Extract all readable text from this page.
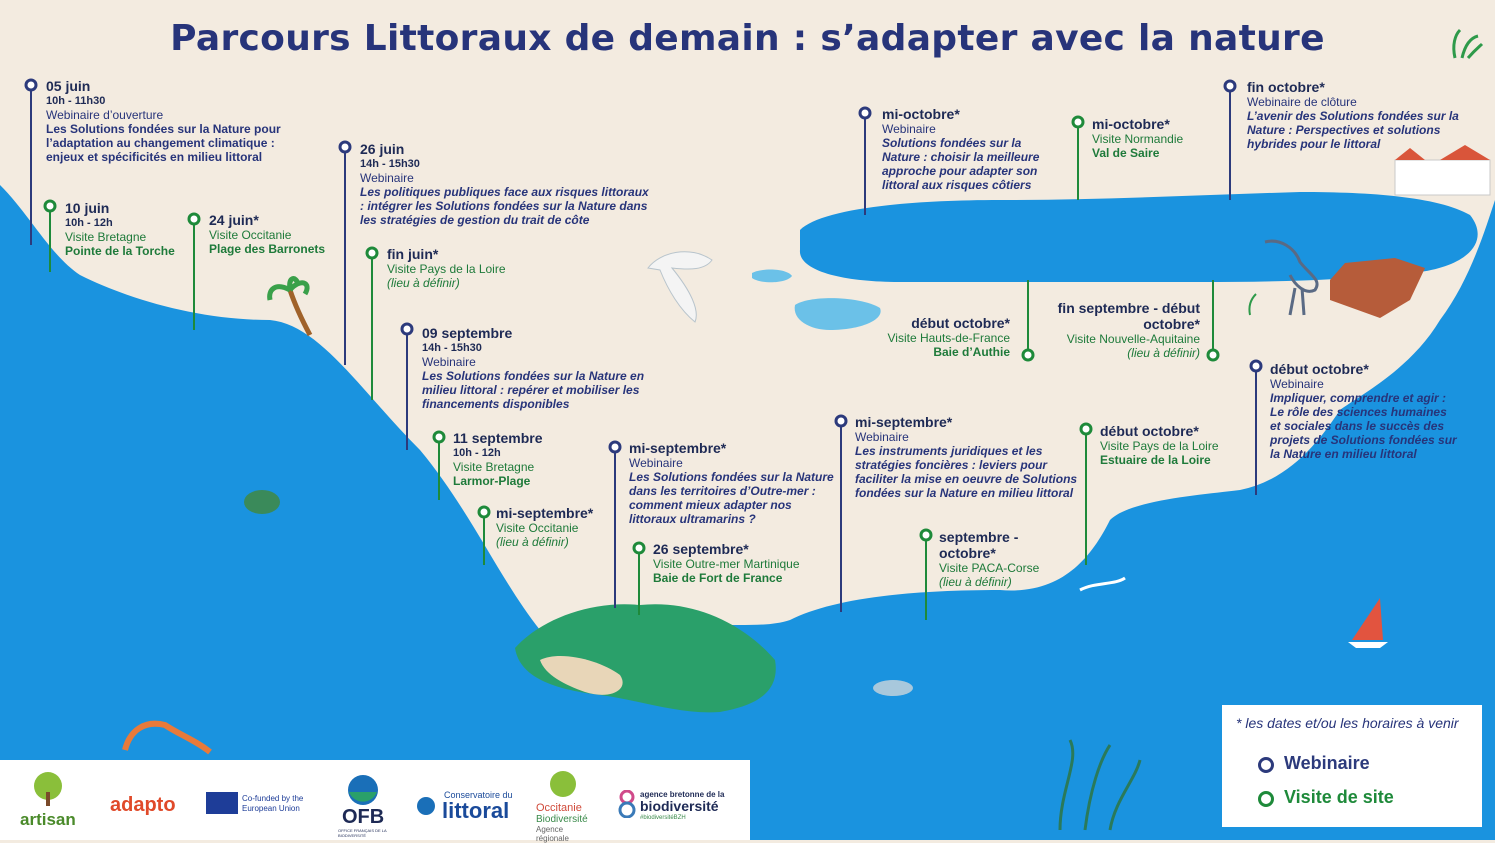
Parcours Littoraux de demain : s’adapter avec la nature
05 juin
10h - 11h30
Webinaire d’ouverture
Les Solutions fondées sur la Nature pour l’adaptation au changement climatique : enjeux et spécificités en milieu littoral
10 juin
10h - 12h
Visite Bretagne
Pointe de la Torche
24 juin*
Visite Occitanie
Plage des Barronets
26 juin
14h - 15h30
Webinaire
Les politiques publiques face aux risques littoraux : intégrer les Solutions fondées sur la Nature dans les stratégies de gestion du trait de côte
fin juin*
Visite Pays de la Loire
(lieu à définir)
09 septembre
14h - 15h30
Webinaire
Les Solutions fondées sur la Nature en milieu littoral : repérer et mobiliser les financements disponibles
11 septembre
10h - 12h
Visite Bretagne
Larmor-Plage
mi-septembre*
Visite Occitanie
(lieu à définir)
mi-septembre*
Webinaire
Les Solutions fondées sur la Nature dans les territoires d’Outre-mer : comment mieux adapter nos littoraux ultramarins ?
26 septembre*
Visite Outre-mer Martinique
Baie de Fort de France
mi-septembre*
Webinaire
Les instruments juridiques et les stratégies foncières : leviers pour faciliter la mise en oeuvre de Solutions fondées sur la Nature en milieu littoral
septembre - octobre*
Visite PACA-Corse
(lieu à définir)
mi-octobre*
Webinaire
Solutions fondées sur la Nature : choisir la meilleure approche pour adapter son littoral aux risques côtiers
début octobre*
Visite Hauts-de-France
Baie d’Authie
mi-octobre*
Visite Normandie
Val de Saire
fin septembre - début octobre*
Visite Nouvelle-Aquitaine
(lieu à définir)
début octobre*
Visite Pays de la Loire
Estuaire de la Loire
fin octobre*
Webinaire de clôture
L’avenir des Solutions fondées sur la Nature : Perspectives et solutions hybrides pour le littoral
début octobre*
Webinaire
Impliquer, comprendre et agir : Le rôle des sciences humaines et sociales dans le succès des projets de Solutions fondées sur la Nature en milieu littoral
artisan
adapto	Co-funded by the European Union	OFB
OFFICE FRANÇAIS DE LA BIODIVERSITÉ
Conservatoire du
littoral Occitanie
Biodiversité
Agence régionale
agence bretonne de la
biodiversité
#biodiversitéBZH
* les dates et/ou les horaires à venir
Webinaire
Visite de site
